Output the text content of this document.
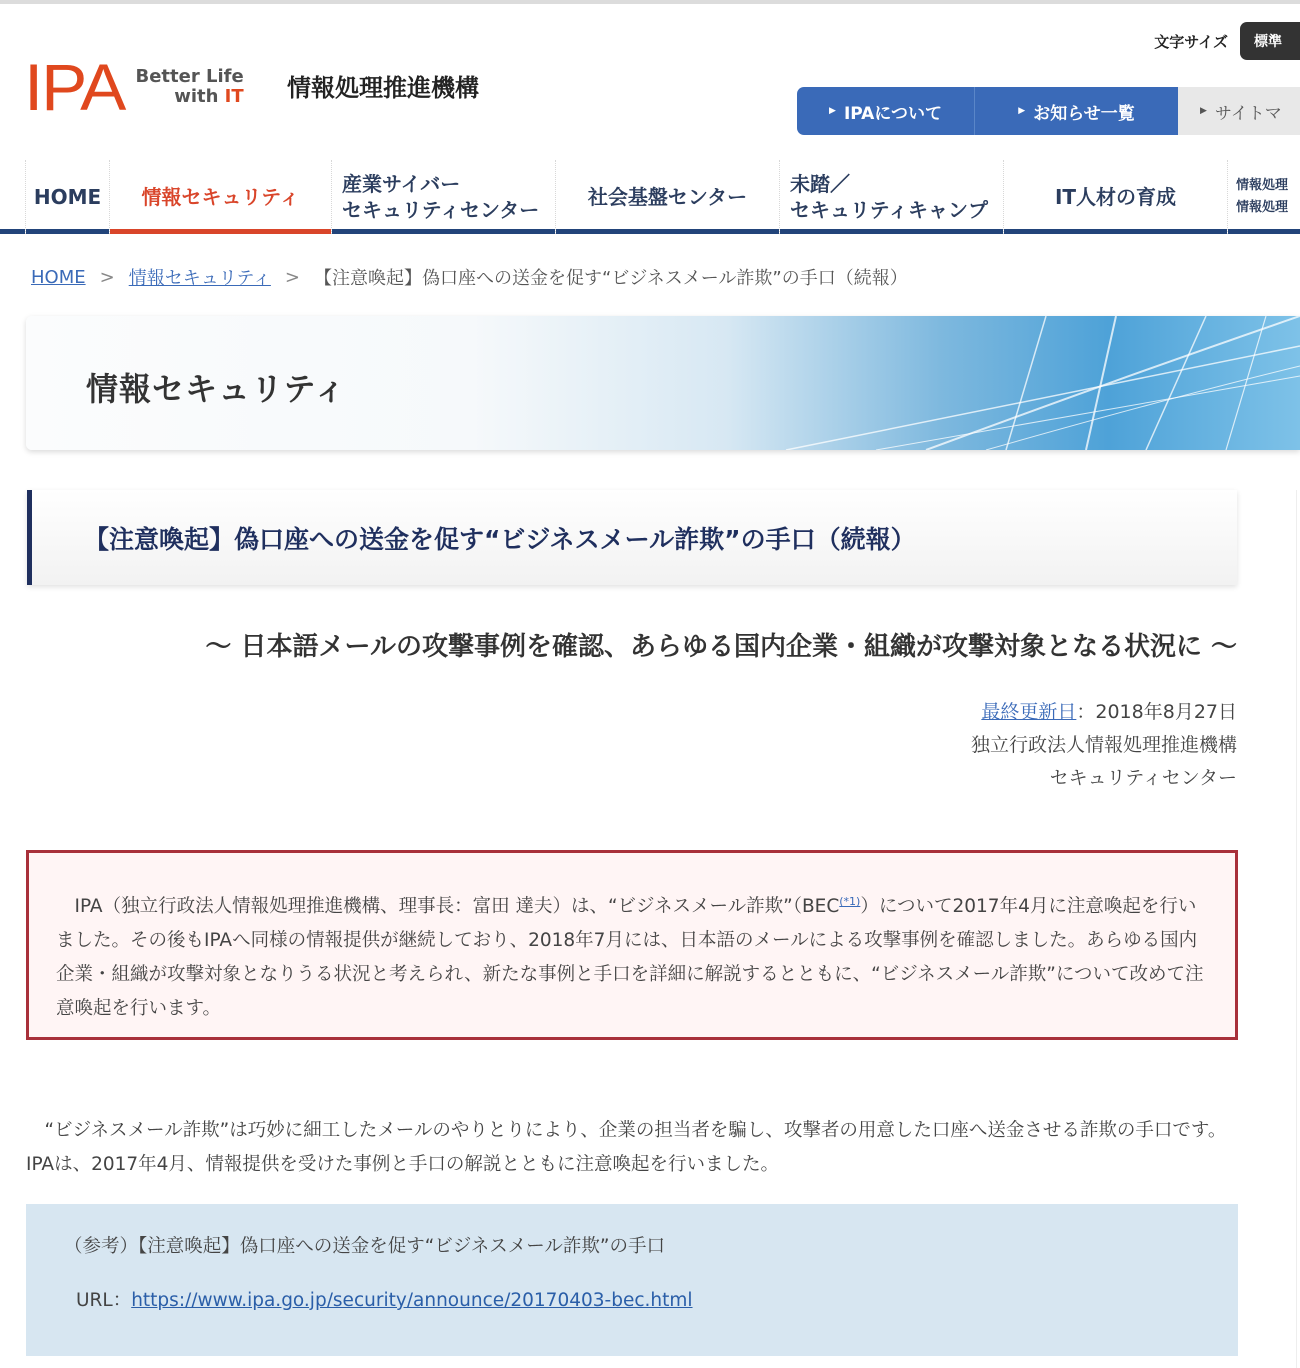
IPA Better Life
with IT 情報処理推進機構
文字サイズ	標準
▶ IPAについて	▶ お知らせ一覧	▶ サイトマ
HOME 情報セキュリティ
産業サイバー
セキュリティセンター
社会基盤センター
未踏／
セキュリティキャンプ
IT人材の育成	情報処理
情報処理
HOME > 情報セキュリティ > 【注意喚起】偽口座への送金を促す“ビジネスメール詐欺”の手口（続報）
情報セキュリティ
【注意喚起】偽口座への送金を促す“ビジネスメール詐欺”の手口（続報）
～ 日本語メールの攻撃事例を確認、あらゆる国内企業・組織が攻撃対象となる状況に ～
最終更新日：2018年8月27日
独立行政法人情報処理推進機構
セキュリティセンター
　IPA（独立行政法人情報処理推進機構、理事長：富田 達夫）は、“ビジネスメール詐欺$”(BEC^{(*1)})$について2017年4月に注意喚起を行いました。その後もIPAへ同様の情報提供が継続しており、2018年7月には、日本語のメールによる攻撃事例を確認しました。あらゆる国内企業・組織が攻撃対象となりうる状況と考えられ、新たな事例と手口を詳細に解説するとともに、“ビジネスメール詐欺”について改めて注意喚起を行います。

　“ビジネスメール詐欺”は巧妙に細工したメールのやりとりにより、企業の担当者を騙し、攻撃者の用意した口座へ送金させる詐欺の手口です。IPAは、2017年4月、情報提供を受けた事例と手口の解説とともに注意喚起を行いました。

（参考）【注意喚起】偽口座への送金を促す“ビジネスメール詐欺”の手口
URL：https://www.ipa.go.jp/security/announce/20170403-bec.html
